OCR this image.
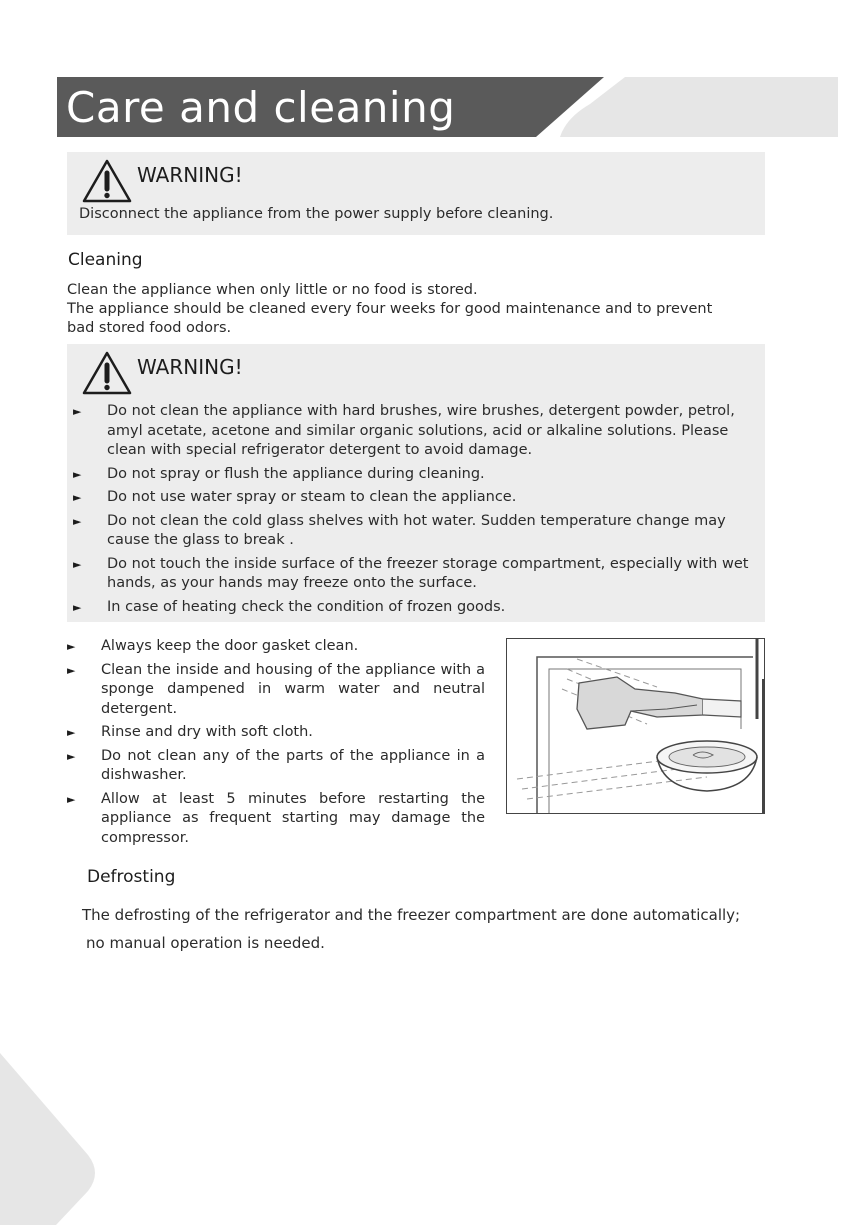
Care and cleaning
WARNING!
Disconnect the appliance from the power supply before cleaning.
Cleaning
Clean the appliance when only little or no food is stored.
The appliance should be cleaned every four weeks for good maintenance and to prevent
bad stored food odors.
WARNING!
► Do not clean the appliance with hard brushes, wire brushes, detergent powder, petrol, amyl acetate, acetone and similar organic solutions, acid or alkaline solutions. Please clean with special refrigerator detergent to avoid damage.
► Do not spray or flush the appliance during cleaning.
► Do not use water spray or steam to clean the appliance.
► Do not clean the cold glass shelves with hot water. Sudden temperature change may cause the glass to break .
► Do not touch the inside surface of the freezer storage compartment, especially with wet hands, as your hands may freeze onto the surface.
► In case of heating check the condition of frozen goods.
► Always keep the door gasket clean.
► Clean the inside and housing of the appliance with a sponge dampened in warm water and neutral detergent.
► Rinse and dry with soft cloth.
► Do not clean any of the parts of the appliance in a dishwasher.
► Allow at least 5 minutes before restarting the appliance as frequent starting may damage the compressor.
Defrosting
The defrosting of the refrigerator and the freezer compartment are done automatically;
no manual operation is needed.
